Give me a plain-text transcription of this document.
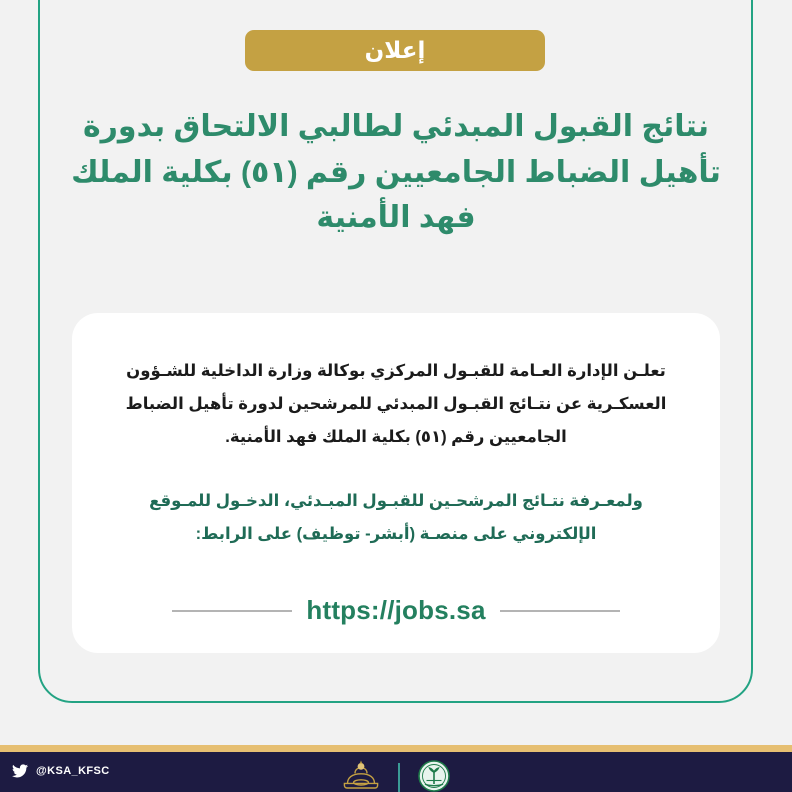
إعلان
نتائج القبول المبدئي لطالبي الالتحاق بدورة تأهيل الضباط الجامعيين رقم (٥١) بكلية الملك فهد الأمنية
تعلـن الإدارة العـامة للقبـول المركزي بوكالة وزارة الداخلية للشـؤون العسكـرية عن نتـائج القبـول المبدئي للمرشحين لدورة تأهيل الضباط الجامعيين رقم (٥١) بكلية الملك فهد الأمنية.
ولمعـرفة نتـائج المرشحـين للقبـول المبـدئي، الدخـول للمـوقع الإلكتروني على منصـة (أبشر- توظيف) على الرابط:
https://jobs.sa
@KSA_KFSC
